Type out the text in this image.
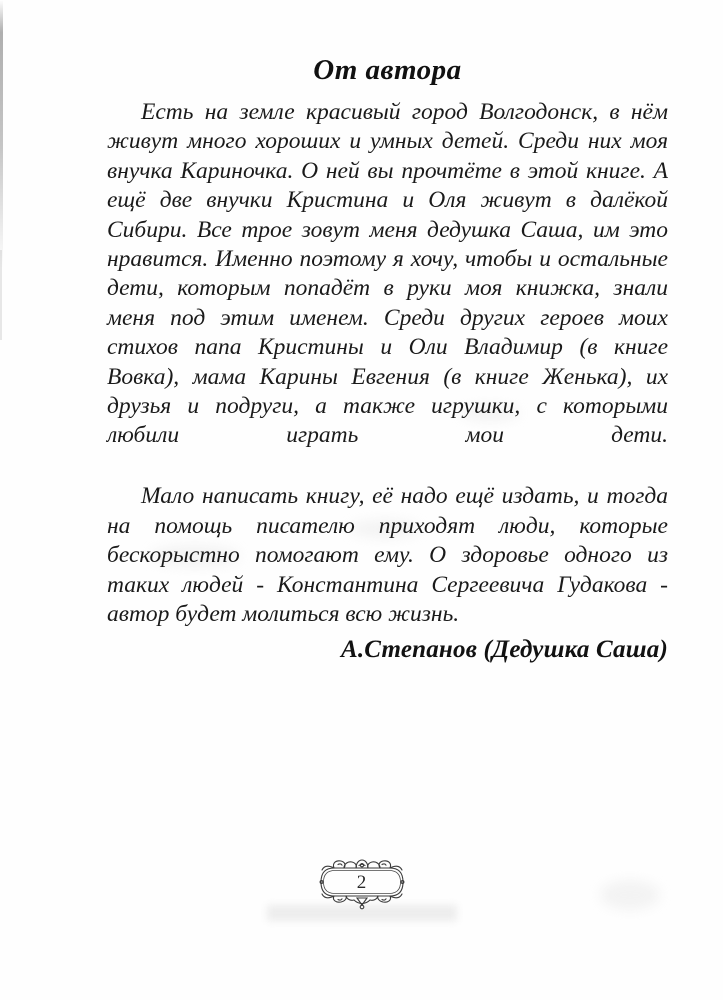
От автора

Есть на земле красивый город Волгодонск, в нём живут много хороших и умных детей. Среди них моя внучка Кариночка. О ней вы прочтёте в этой книге. А ещё две внучки Кристина и Оля живут в далёкой Сибири. Все трое зовут меня дедушка Саша, им это нравится. Именно поэтому я хочу, чтобы и остальные дети, которым попадёт в руки моя книжка, знали меня под этим именем. Среди других героев моих стихов папа Кристины и Оли Владимир (в книге Вовка), мама Карины Евгения (в книге Женька), их друзья и подруги, а также игрушки, с которыми любили играть мои дети.

Мало написать книгу, её надо ещё издать, и тогда на помощь писателю приходят люди, которые бескорыстно помогают ему. О здоровье одного из таких людей - Константина Сергеевича Гудакова - автор будет молиться всю жизнь.

А.Степанов (Дедушка Саша)
2
